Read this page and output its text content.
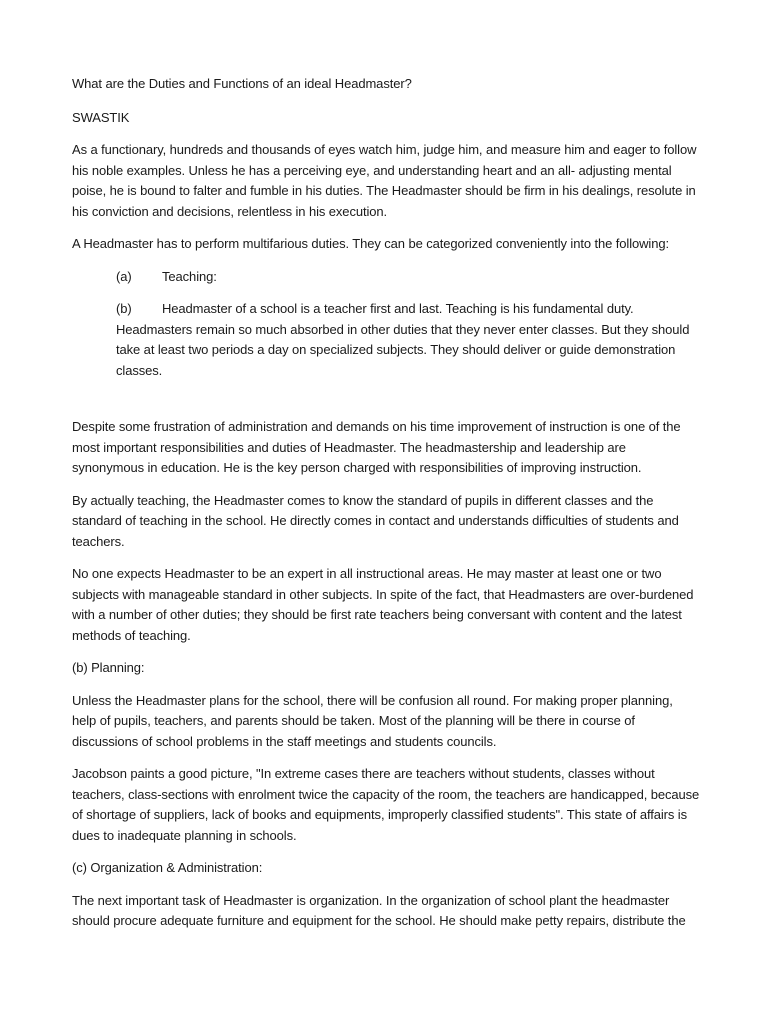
What are the Duties and Functions of an ideal Headmaster?

SWASTIK

As a functionary, hundreds and thousands of eyes watch him, judge him, and measure him and eager to follow his noble examples. Unless he has a perceiving eye, and understanding heart and an all- adjusting mental poise, he is bound to falter and fumble in his duties. The Headmaster should be firm in his dealings, resolute in his conviction and decisions, relentless in his execution.

A Headmaster has to perform multifarious duties. They can be categorized conveniently into the following:

(a)	Teaching:
(b)	Headmaster of a school is a teacher first and last. Teaching is his fundamental duty.
Headmasters remain so much absorbed in other duties that they never enter classes. But they should take at least two periods a day on specialized subjects. They should deliver or guide demonstration classes.

Despite some frustration of administration and demands on his time improvement of instruction is one of the most important responsibilities and duties of Headmaster. The headmastership and leadership are synonymous in education. He is the key person charged with responsibilities of improving instruction.

By actually teaching, the Headmaster comes to know the standard of pupils in different classes and the standard of teaching in the school. He directly comes in contact and understands difficulties of students and teachers.

No one expects Headmaster to be an expert in all instructional areas. He may master at least one or two subjects with manageable standard in other subjects. In spite of the fact, that Headmasters are over-burdened with a number of other duties; they should be first rate teachers being conversant with content and the latest methods of teaching.

(b) Planning:

Unless the Headmaster plans for the school, there will be confusion all round. For making proper planning, help of pupils, teachers, and parents should be taken. Most of the planning will be there in course of discussions of school problems in the staff meetings and students councils.

Jacobson paints a good picture, "In extreme cases there are teachers without students, classes without teachers, class-sections with enrolment twice the capacity of the room, the teachers are handicapped, because of shortage of suppliers, lack of books and equipments, improperly classified students". This state of affairs is dues to inadequate planning in schools.

(c) Organization & Administration:

The next important task of Headmaster is organization. In the organization of school plant the headmaster should procure adequate furniture and equipment for the school. He should make petty repairs, distribute the
